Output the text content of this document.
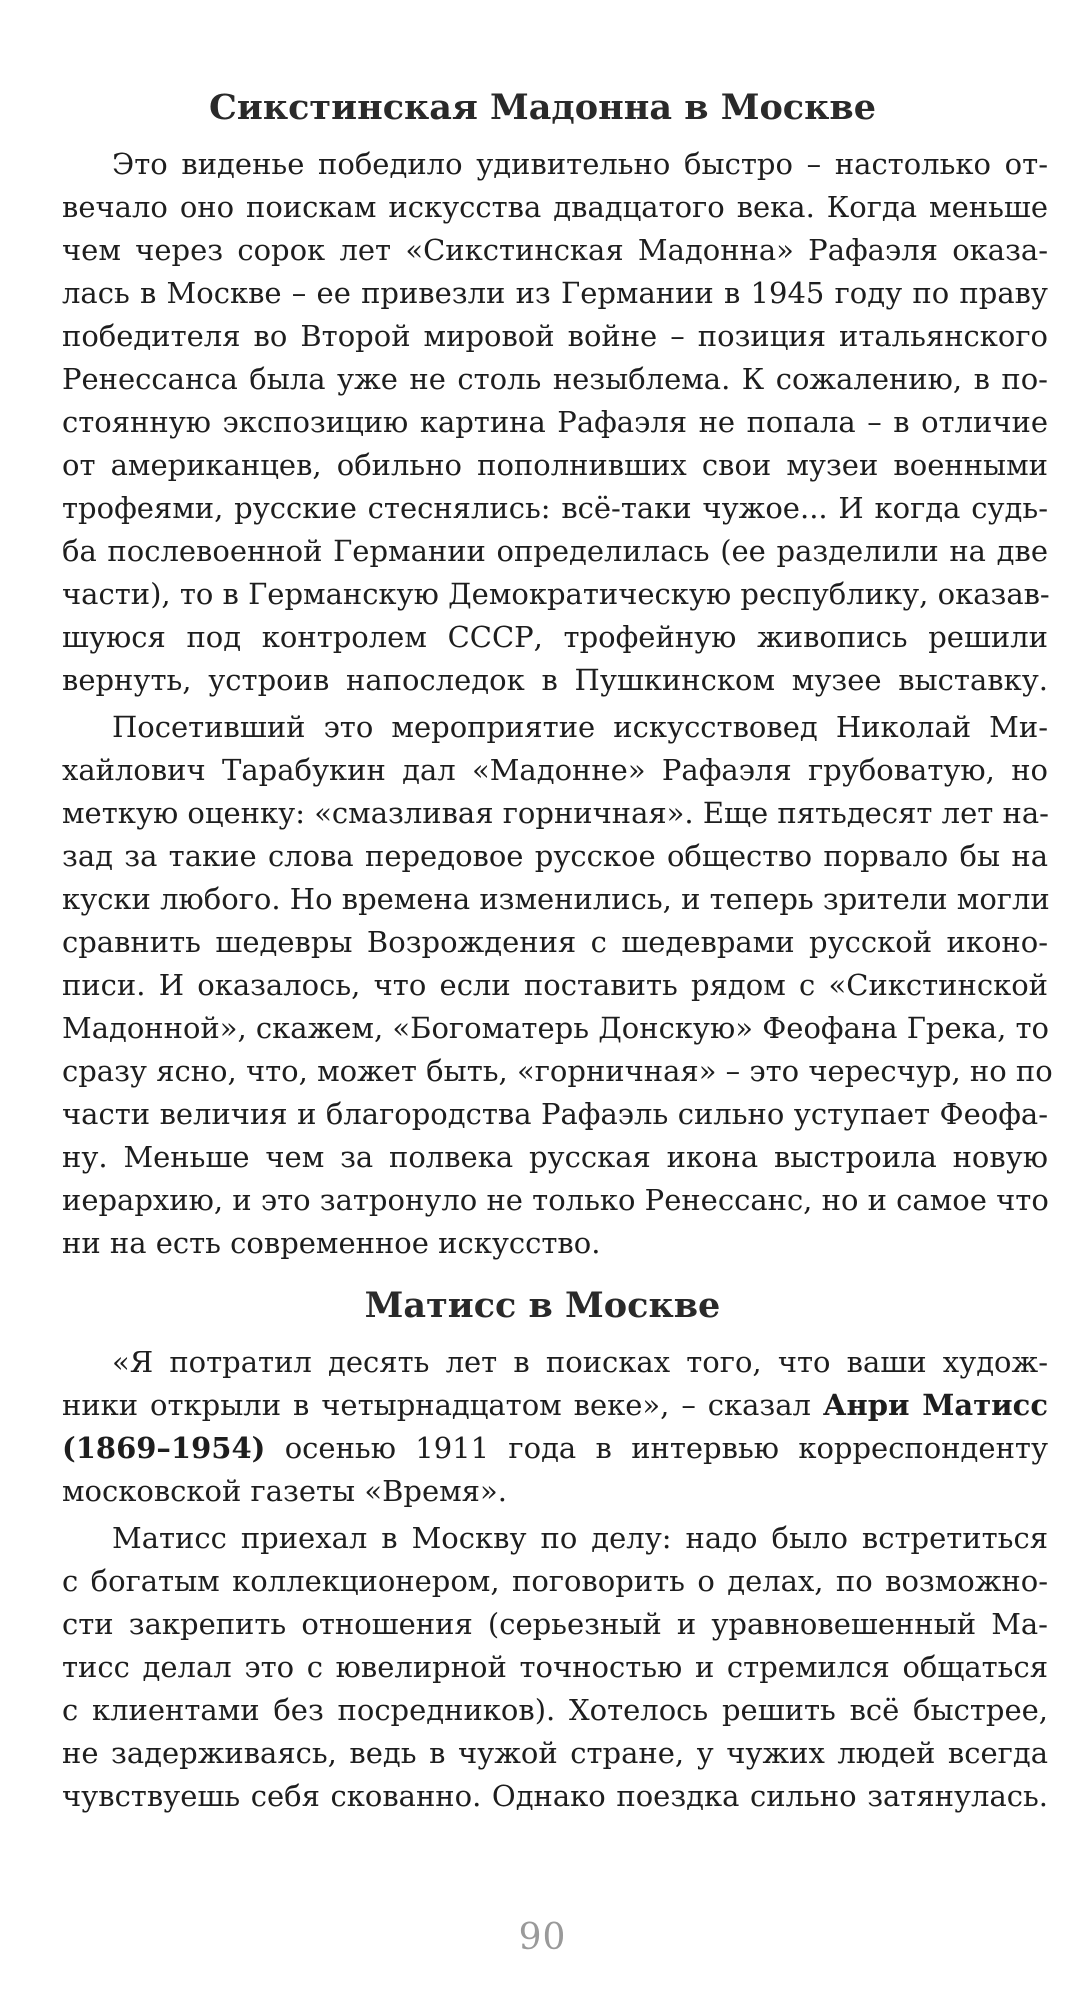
Сикстинская Мадонна в Москве
Это виденье победило удивительно быстро – настолько от-
вечало оно поискам искусства двадцатого века. Когда меньше
чем через сорок лет «Сикстинская Мадонна» Рафаэля оказа-
лась в Москве – ее привезли из Германии в 1945 году по праву
победителя во Второй мировой войне – позиция итальянского
Ренессанса была уже не столь незыблема. К сожалению, в по-
стоянную экспозицию картина Рафаэля не попала – в отличие
от американцев, обильно пополнивших свои музеи военными
трофеями, русские стеснялись: всё-таки чужое... И когда судь-
ба послевоенной Германии определилась (ее разделили на две
части), то в Германскую Демократическую республику, оказав-
шуюся под контролем СССР, трофейную живопись решили
вернуть, устроив напоследок в Пушкинском музее выставку.
Посетивший это мероприятие искусствовед Николай Ми-
хайлович Тарабукин дал «Мадонне» Рафаэля грубоватую, но
меткую оценку: «смазливая горничная». Еще пятьдесят лет на-
зад за такие слова передовое русское общество порвало бы на
куски любого. Но времена изменились, и теперь зрители могли
сравнить шедевры Возрождения с шедеврами русской иконо-
писи. И оказалось, что если поставить рядом с «Сикстинской
Мадонной», скажем, «Богоматерь Донскую» Феофана Грека, то
сразу ясно, что, может быть, «горничная» – это чересчур, но по
части величия и благородства Рафаэль сильно уступает Феофа-
ну. Меньше чем за полвека русская икона выстроила новую
иерархию, и это затронуло не только Ренессанс, но и самое что
Матисс в Москве
«Я потратил десять лет в поисках того, что ваши худож-
ники открыли в четырнадцатом веке», – сказал Анри Матисс
(1869–1954) осенью 1911 года в интервью корреспонденту
московской газеты «Время».
Матисс приехал в Москву по делу: надо было встретиться
с богатым коллекционером, поговорить о делах, по возможно-
сти закрепить отношения (серьезный и уравновешенный Ма-
тисс делал это с ювелирной точностью и стремился общаться
с клиентами без посредников). Хотелось решить всё быстрее,
не задерживаясь, ведь в чужой стране, у чужих людей всегда
чувствуешь себя скованно. Однако поездка сильно затянулась.
90
ни на есть современное искусство.
